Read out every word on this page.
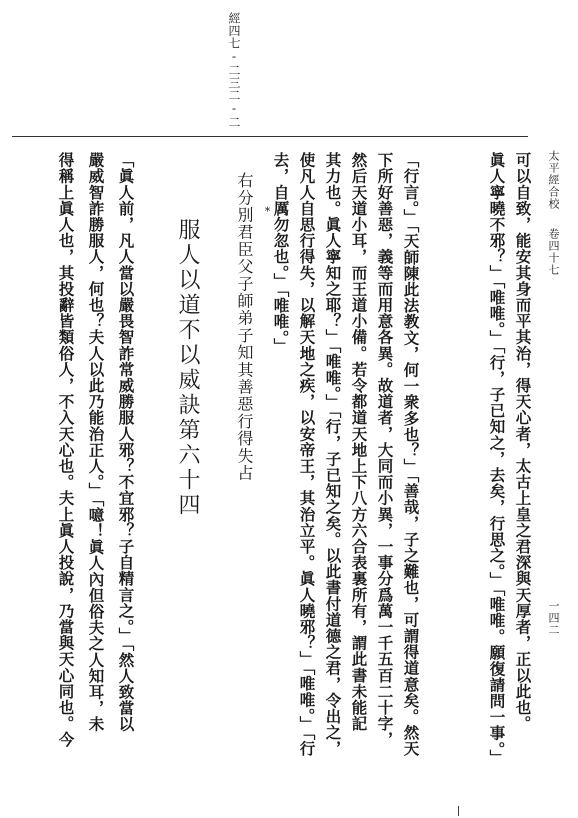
太平經合校
卷四十七
經四七-二三二-二
一四二
可以自致，能安其身而平其治，得天心者，太古上皇之君深與天厚者，正以此也。
眞人寧曉不邪？」「唯唯。」「行，子已知之，去矣，行思之。」「唯唯。願復請問一事。」
「行言。」「天師陳此法教文，何一衆多也？」「善哉，子之難也，可謂得道意矣。然天
下所好善惡，義等而用意各異。故道者，大同而小異，一事分爲萬一千五百二十字，
然后天道小耳，而王道小備。若令都道天地上下八方六合表裏所有，謂此書未能記
其力也。眞人寧知之耶？」「唯唯。」「行，子已知之矣。以此書付道德之君，令出之，
使凡人自思行得失，以解天地之疾，以安帝王，其治立平。眞人曉邪？」「唯唯。」「行
去，自厲勿忽也。」「唯唯。」
*
右分別君臣父子師弟子知其善惡行得失占
服人以道不以威訣第六十四
「眞人前，凡人當以嚴畏智詐常威勝服人邪？不宜邪？子自精言之。」「然人致當以
嚴威智詐勝服人，何也？夫人以此乃能治正人。」「噫！眞人內但俗夫之人知耳，未
得稱上眞人也，其投辭皆類俗人，不入天心也。夫上眞人投說，乃當與天心同也。今
